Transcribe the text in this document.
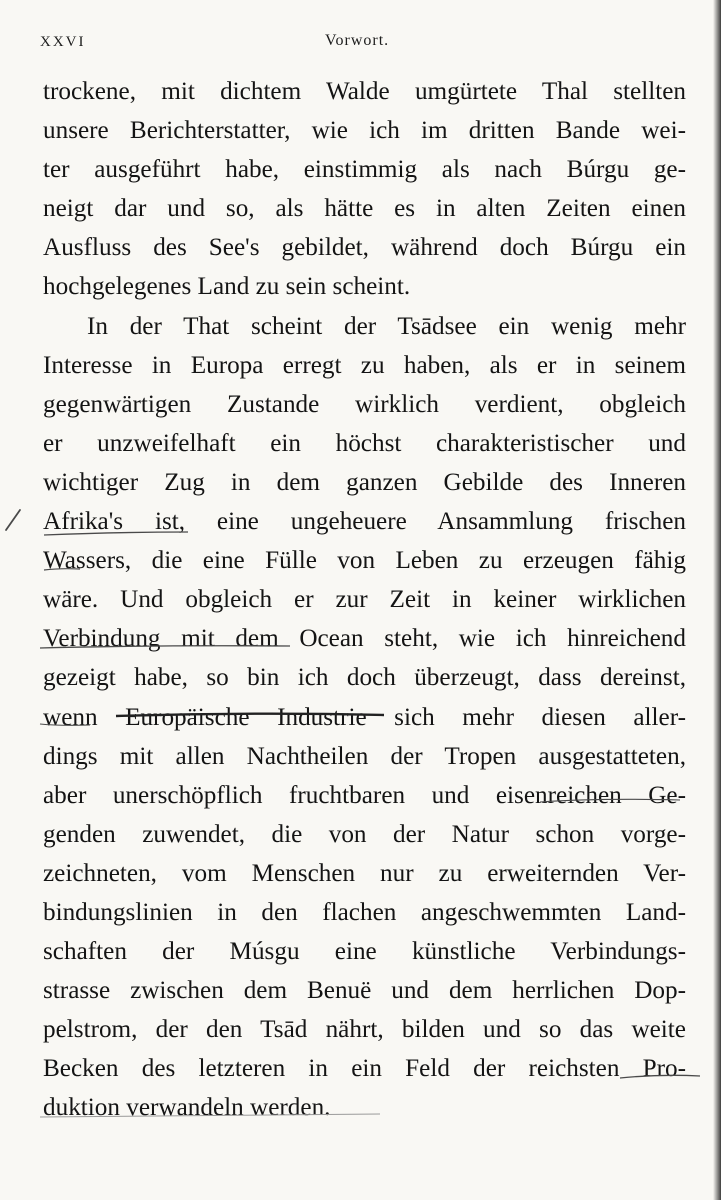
XXVI	Vorwort.
trockene, mit dichtem Walde umgürtete Thal stellten
unsere Berichterstatter, wie ich im dritten Bande wei-
ter ausgeführt habe, einstimmig als nach Búrgu ge-
neigt dar und so, als hätte es in alten Zeiten einen
Ausfluss des See's gebildet, während doch Búrgu ein
hochgelegenes Land zu sein scheint.
In der That scheint der Tsādsee ein wenig mehr
Interesse in Europa erregt zu haben, als er in seinem
gegenwärtigen Zustande wirklich verdient, obgleich
er unzweifelhaft ein höchst charakteristischer und
wichtiger Zug in dem ganzen Gebilde des Inneren
Afrika's ist, eine ungeheuere Ansammlung frischen
Wassers, die eine Fülle von Leben zu erzeugen fähig
wäre. Und obgleich er zur Zeit in keiner wirklichen
Verbindung mit dem Ocean steht, wie ich hinreichend
gezeigt habe, so bin ich doch überzeugt, dass dereinst,
wenn Europäische Industrie sich mehr diesen aller-
dings mit allen Nachtheilen der Tropen ausgestatteten,
aber unerschöpflich fruchtbaren und eisenreichen Ge-
genden zuwendet, die von der Natur schon vorge-
zeichneten, vom Menschen nur zu erweiternden Ver-
bindungslinien in den flachen angeschwemmten Land-
schaften der Músgu eine künstliche Verbindungs-
strasse zwischen dem Benuë und dem herrlichen Dop-
pelstrom, der den Tsād nährt, bilden und so das weite
Becken des letzteren in ein Feld der reichsten Pro-
duktion verwandeln werden.
